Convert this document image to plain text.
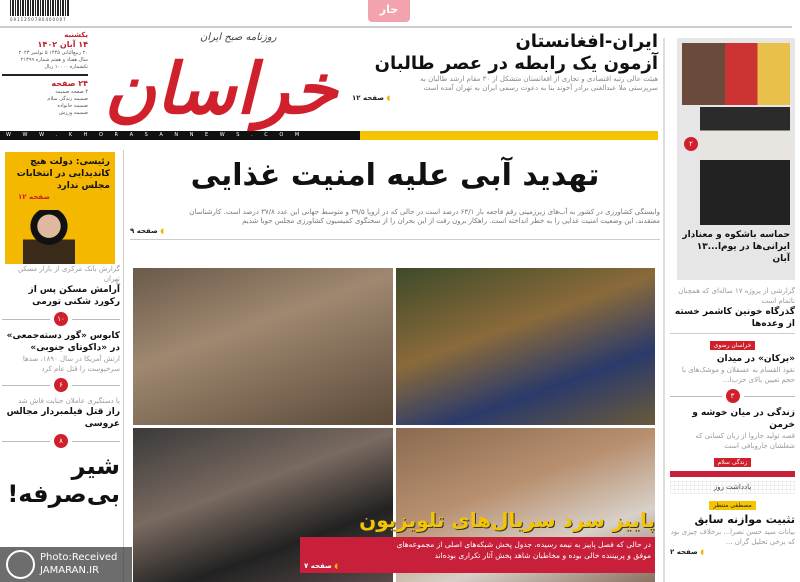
0911250780400007
جار
یکشنبه
۱۴ آبان ۱۴۰۲
۲۰ ربیع‌الثانی ۱۴۴۵ ۵ نوامبر ۲۰۲۳
سال هفتاد و هفتم شماره ۲۱۳۹۹
تکشماره ۱۰۰۰۰ ریال
۲۴ صفحه
۴ صفحه ضمیمه
ضمیمه زندگی سلام
ضمیمه خانواده
ضمیمه ورزش
روزنامه صبح ایران
خراسان
ایران-افغانستان
آزمون یک رابطه در عصر طالبان
هیئت عالی رتبه اقتصادی و تجاری از افغانستان متشکل از ۳۰ مقام ارشد طالبان به
سرپرستی ملا عبدالغنی برادر آخوند بنا به دعوت رسمی ایران به تهران آمده است
◖ صفحه ۱۲
W W W . K H O R A S A N N E W S . C O M
۲
حماسه باشکوه و معنادار ایرانی‌ها در یوم‌ا...۱۳ آبان
رئیسی: دولت هیچ کاندیدایی در انتخابات مجلس ندارد
◖ صفحه ۱۲
تهدید آبی علیه امنیت غذایی
وابستگی کشاورزی در کشور به آب‌های زیرزمینی رقم فاجعه بار ۶۳/۱ درصد است در حالی که در اروپا ۳۹/۵ و متوسط جهانی این عدد ۳۷/۸ درصد است. کارشناسان
معتقدند، این وضعیت امنیت غذایی را به خطر انداخته است. راهکار برون رفت از این بحران را از سخنگوی کمیسیون کشاورزی مجلس جویا شدیم
◖ صفحه ۹
پاییز سرد سریال‌های تلویزیون
در حالی که فصل پاییز به نیمه رسیده، جدول پخش شبکه‌های اصلی از مجموعه‌های
موفق و پربیننده خالی بوده و مخاطبان شاهد پخش آثار تکراری بوده‌اند
◖ صفحه ۷
گزارش بانک مرکزی از بازار مسکن تهران
آرامش مسکن پس از رکورد شکنی تورمی
۱۰
کابوس «گور دسته‌جمعی» در «داکوتای جنوبی»
ارتش آمریکا در سال ۱۸۹۰، صدها سرخپوست را قتل عام کرد
۶
با دستگیری عاملان جنایت فاش شد
راز قتل فیلمبردار مجالس عروسی
۸
شیر بی‌صرفه!
Photo:Received
JAMARAN.IR
گزارشی از پروژه ۱۷ ساله‌ای که همچنان ناتمام است
گذرگاه خونین کاشمر خسته از وعده‌ها
خراسان رضوی
«برکان» در میدان
نقوذ القسام به عسقلان و موشک‌های با حجم تعیین بالای حزب‌ا...
۳
زندگی در میان خوشه و خرمن
قصه تولید جاروا از زبان کسانی که شغلشان جاروبافی است
زندگی سلام
یادداشت روز
مصطفی منتظر
تثبیت موازنه سابق
بیانات سید حسن نصرا... برخلاف چیزی بود که برخی تحلیل گران ...
◖ صفحه ۲
